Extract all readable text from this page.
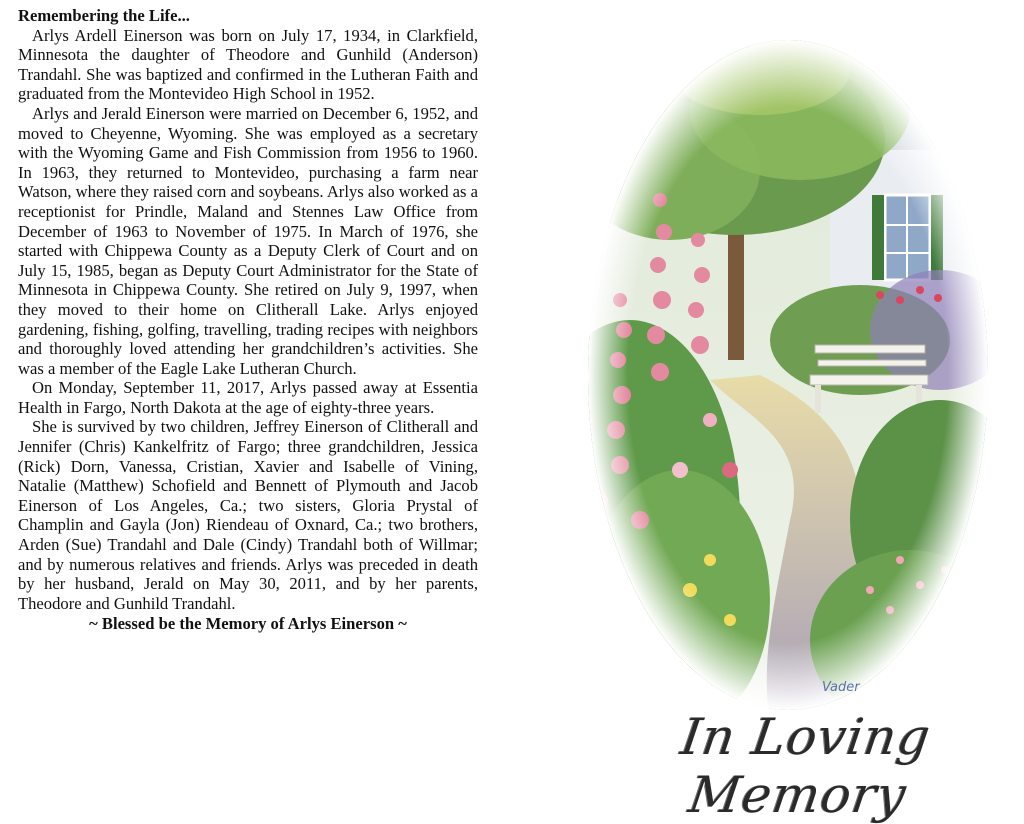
Remembering the Life...

Arlys Ardell Einerson was born on July 17, 1934, in Clarkfield, Minnesota the daughter of Theodore and Gunhild (Anderson) Trandahl. She was baptized and confirmed in the Lutheran Faith and graduated from the Montevideo High School in 1952.

Arlys and Jerald Einerson were married on December 6, 1952, and moved to Cheyenne, Wyoming. She was employed as a secretary with the Wyoming Game and Fish Commission from 1956 to 1960. In 1963, they returned to Montevideo, purchasing a farm near Watson, where they raised corn and soybeans. Arlys also worked as a receptionist for Prindle, Maland and Stennes Law Office from December of 1963 to November of 1975. In March of 1976, she started with Chippewa County as a Deputy Clerk of Court and on July 15, 1985, began as Deputy Court Administrator for the State of Minnesota in Chippewa County. She retired on July 9, 1997, when they moved to their home on Clitherall Lake. Arlys enjoyed gardening, fishing, golfing, travelling, trading recipes with neighbors and thoroughly loved attending her grandchildren’s activities. She was a member of the Eagle Lake Lutheran Church.

On Monday, September 11, 2017, Arlys passed away at Essentia Health in Fargo, North Dakota at the age of eighty-three years.

She is survived by two children, Jeffrey Einerson of Clitherall and Jennifer (Chris) Kankelfritz of Fargo; three grandchildren, Jessica (Rick) Dorn, Vanessa, Cristian, Xavier and Isabelle of Vining, Natalie (Matthew) Schofield and Bennett of Plymouth and Jacob Einerson of Los Angeles, Ca.; two sisters, Gloria Prystal of Champlin and Gayla (Jon) Riendeau of Oxnard, Ca.; two brothers, Arden (Sue) Trandahl and Dale (Cindy) Trandahl both of Willmar; and by numerous relatives and friends. Arlys was preceded in death by her husband, Jerald on May 30, 2011, and by her parents, Theodore and Gunhild Trandahl.

~ Blessed be the Memory of Arlys Einerson ~

Vader
In Loving Memory
